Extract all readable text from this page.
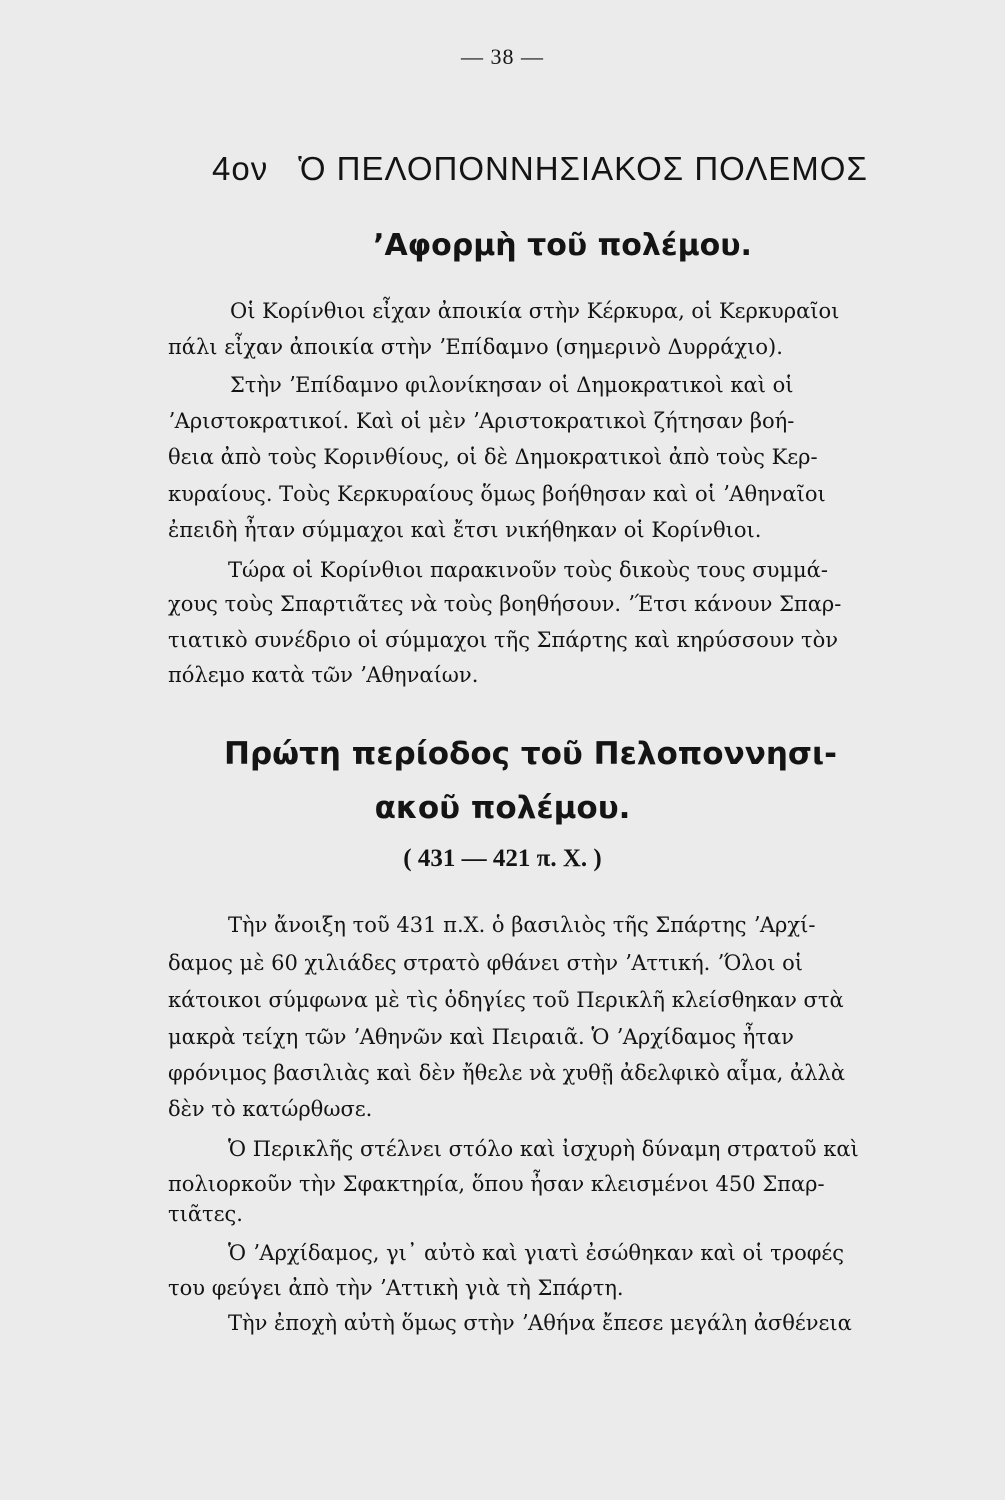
— 38 —
4ον Ὁ ΠΕΛΟΠΟΝΝΗΣΙΑΚΟΣ ΠΟΛΕΜΟΣ
ʼΑφορμὴ τοῦ πολέμου.
Οἱ Κορίνθιοι εἶχαν ἀποικία στὴν Κέρκυρα, οἱ Κερκυραῖοι
πάλι εἶχαν ἀποικία στὴν ʼΕπίδαμνο (σημερινὸ Δυρράχιο).
Στὴν ʼΕπίδαμνο φιλονίκησαν οἱ Δημοκρατικοὶ καὶ οἱ
ʼΑριστοκρατικοί. Καὶ οἱ μὲν ʼΑριστοκρατικοὶ ζήτησαν βοή-
θεια ἀπὸ τοὺς Κορινθίους, οἱ δὲ Δημοκρατικοὶ ἀπὸ τοὺς Κερ-
κυραίους. Τοὺς Κερκυραίους ὅμως βοήθησαν καὶ οἱ ʼΑθηναῖοι
ἐπειδὴ ἦταν σύμμαχοι καὶ ἔτσι νικήθηκαν οἱ Κορίνθιοι.
Τώρα οἱ Κορίνθιοι παρακινοῦν τοὺς δικοὺς τους συμμά-
χους τοὺς Σπαρτιᾶτες νὰ τοὺς βοηθήσουν. ʼΈτσι κάνουν Σπαρ-
τιατικὸ συνέδριο οἱ σύμμαχοι τῆς Σπάρτης καὶ κηρύσσουν τὸν
πόλεμο κατὰ τῶν ʼΑθηναίων.
Πρώτη περίοδος τοῦ Πελοποννησι-
ακοῦ πολέμου.
( 431 — 421 π. Χ. )
Τὴν ἄνοιξη τοῦ 431 π.Χ. ὁ βασιλιὸς τῆς Σπάρτης ʼΑρχί-
δαμος μὲ 60 χιλιάδες στρατὸ φθάνει στὴν ʼΑττική. ʼΌλοι οἱ
κάτοικοι σύμφωνα μὲ τὶς ὁδηγίες τοῦ Περικλῆ κλείσθηκαν στὰ
μακρὰ τείχη τῶν ʼΑθηνῶν καὶ Πειραιᾶ. Ὁ ʼΑρχίδαμος ἦταν
φρόνιμος βασιλιὰς καὶ δὲν ἤθελε νὰ χυθῇ ἀδελφικὸ αἷμα, ἀλλὰ
δὲν τὸ κατώρθωσε.
Ὁ Περικλῆς στέλνει στόλο καὶ ἰσχυρὴ δύναμη στρατοῦ καὶ
πολιορκοῦν τὴν Σφακτηρία, ὅπου ἦσαν κλεισμένοι 450 Σπαρ-
τιᾶτες.
Ὁ ʼΑρχίδαμος, γι᾽ αὐτὸ καὶ γιατὶ ἐσώθηκαν καὶ οἱ τροφές
του φεύγει ἀπὸ τὴν ʼΑττικὴ γιὰ τὴ Σπάρτη.
Τὴν ἐποχὴ αὐτὴ ὅμως στὴν ʼΑθήνα ἔπεσε μεγάλη ἀσθένεια
